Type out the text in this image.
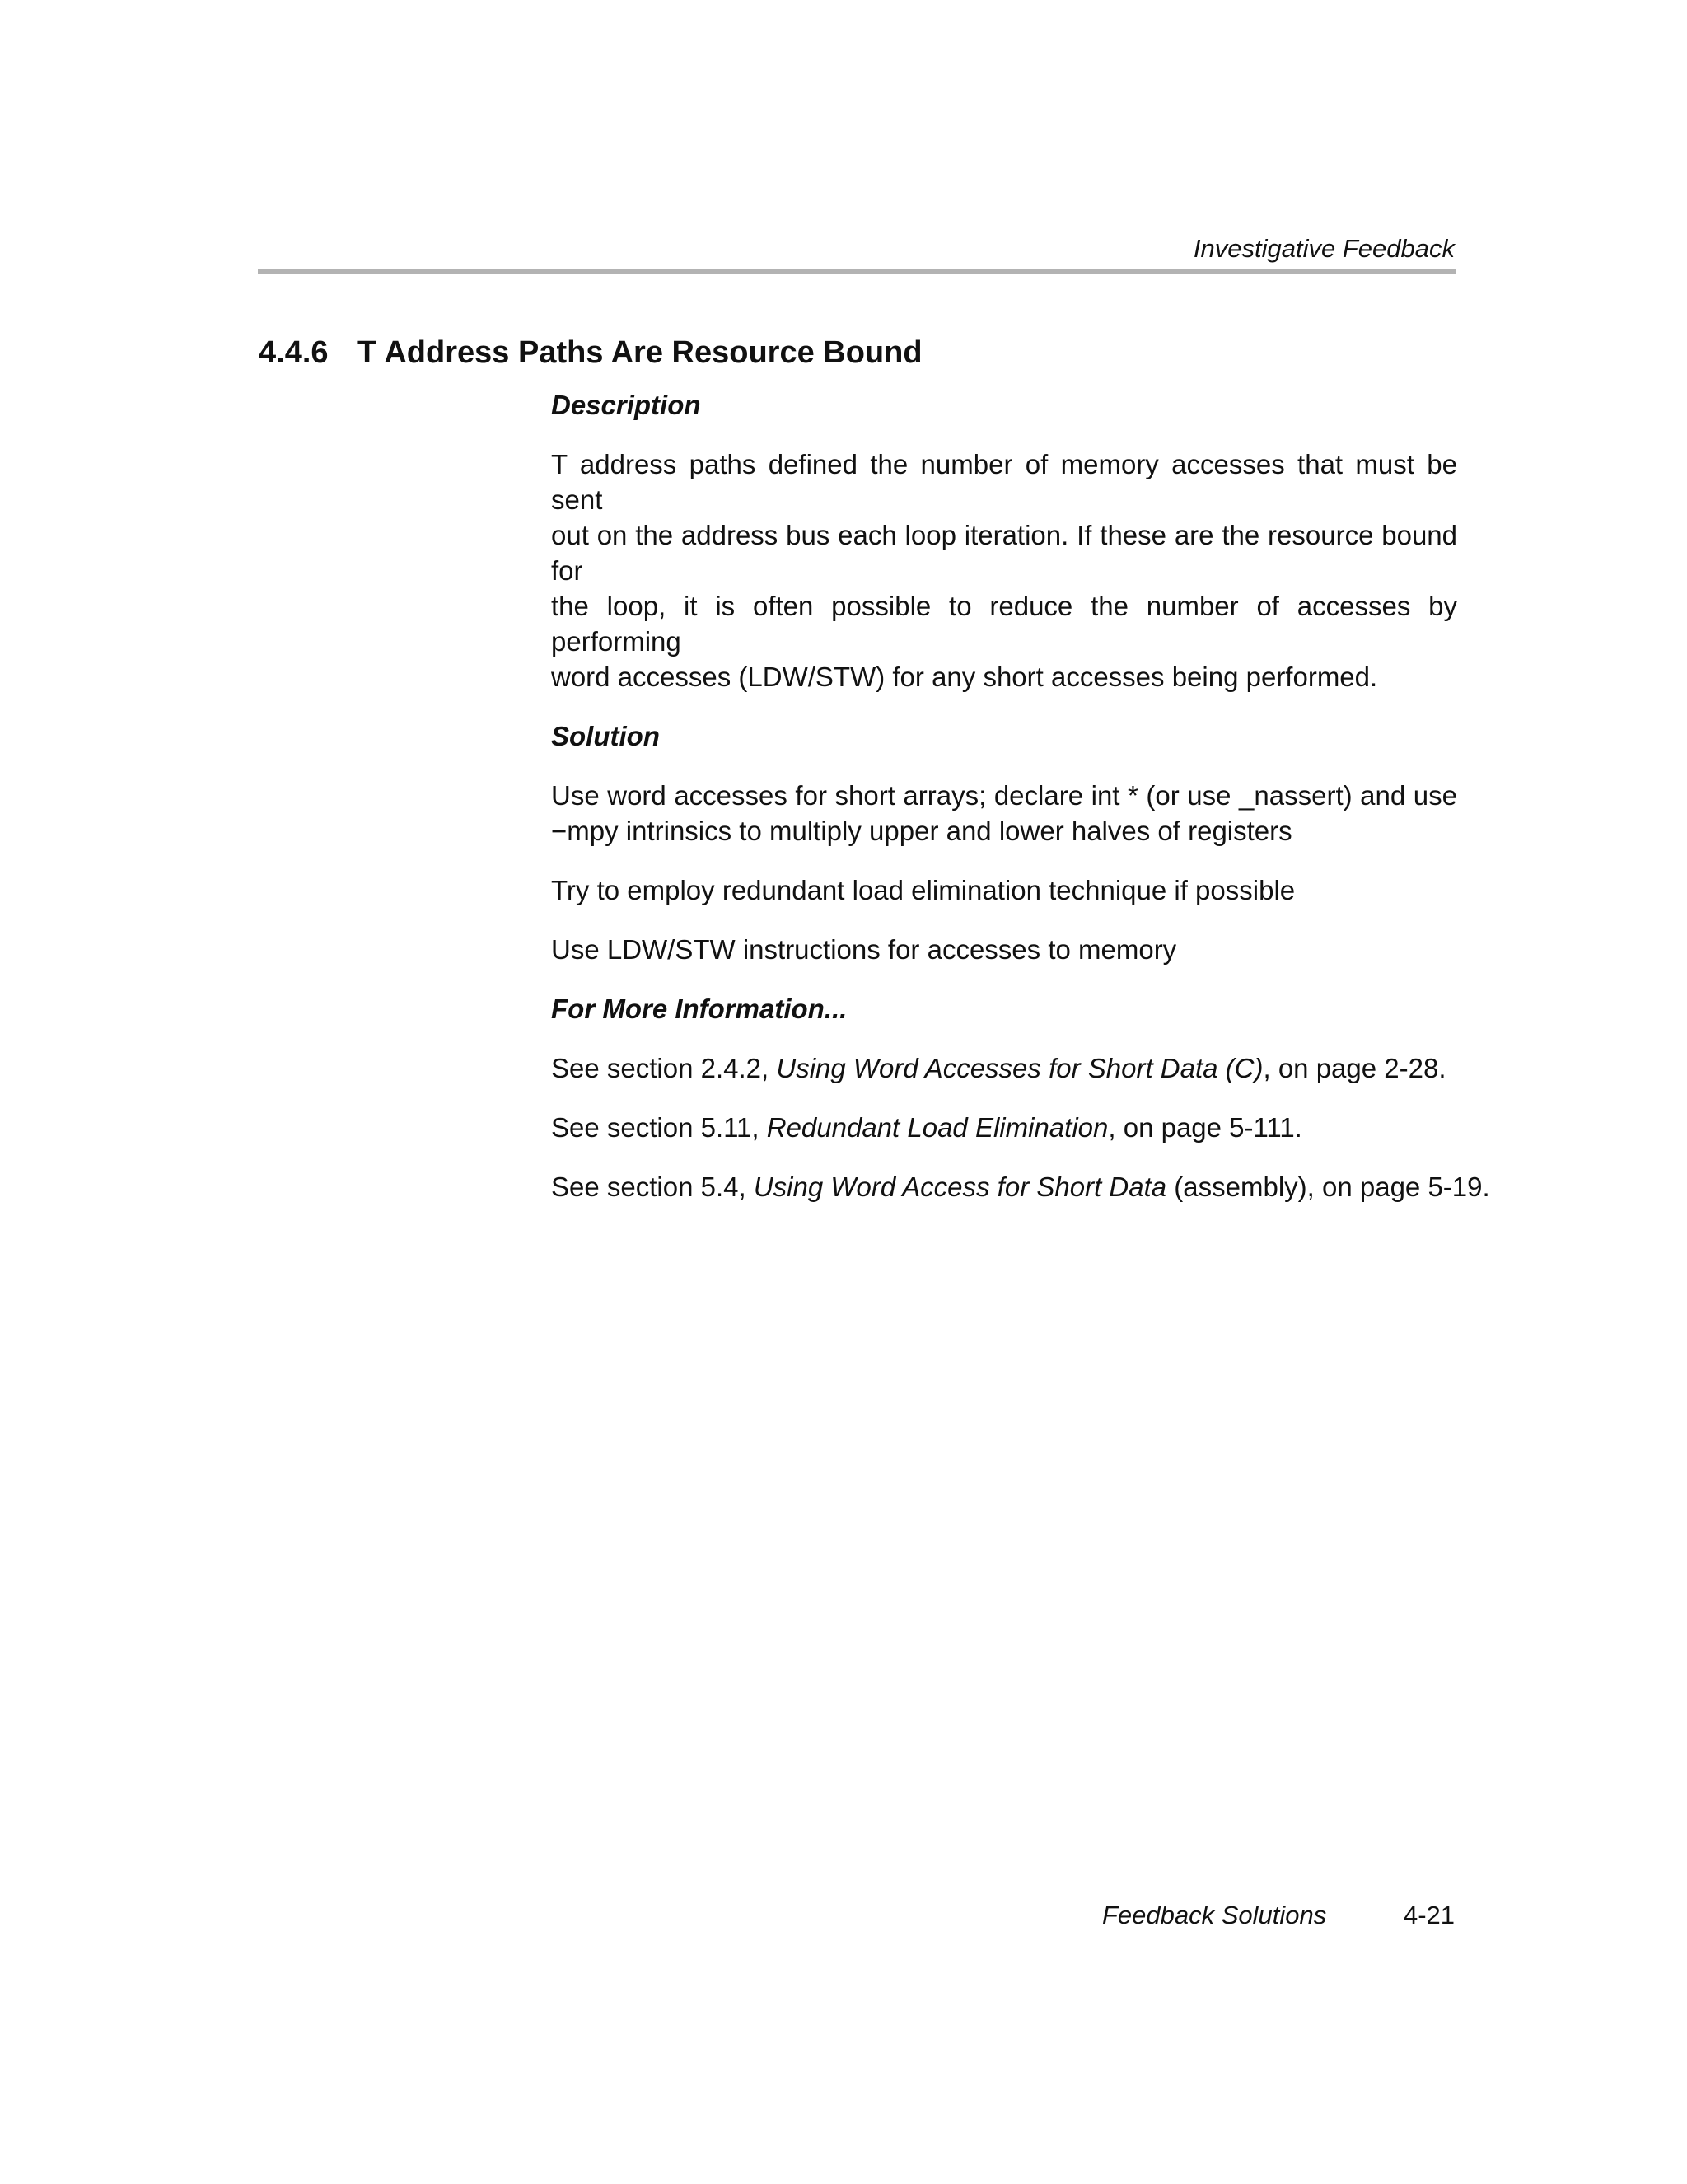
Investigative Feedback
4.4.6 T Address Paths Are Resource Bound
Description
T address paths defined the number of memory accesses that must be sent
out on the address bus each loop iteration. If these are the resource bound for
the loop, it is often possible to reduce the number of accesses by performing
word accesses (LDW/STW) for any short accesses being performed.
Solution
Use word accesses for short arrays; declare int * (or use _nassert) and use
−mpy intrinsics to multiply upper and lower halves of registers
Try to employ redundant load elimination technique if possible
Use LDW/STW instructions for accesses to memory
For More Information...
See section 2.4.2, Using Word Accesses for Short Data (C), on page 2-28.
See section 5.11, Redundant Load Elimination, on page 5-111.
See section 5.4, Using Word Access for Short Data (assembly), on page 5-19.
Feedback Solutions	4-21
